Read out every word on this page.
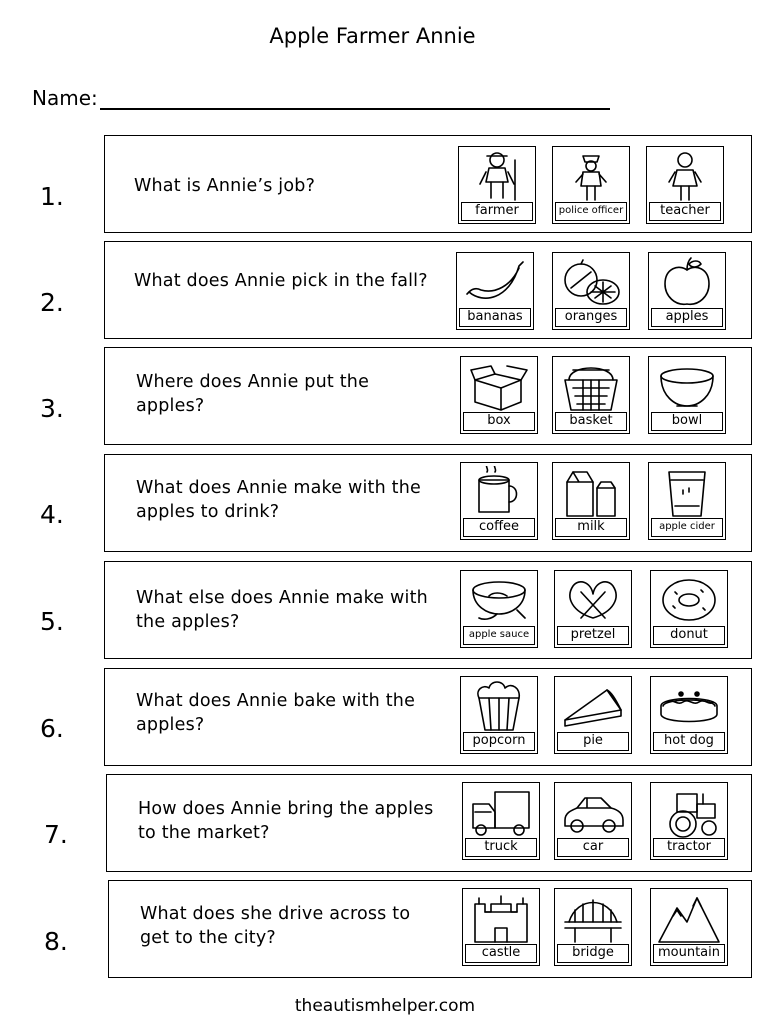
Apple Farmer Annie
Name:
1.	What is Annie’s job?
farmer	police officer	teacher
2.
What does Annie pick in the fall?
bananas	oranges	apples
3.
Where does Annie put the apples?
box	basket	bowl
4.
What does Annie make with the apples to drink?
coffee	milk	apple cider
5.
What else does Annie make with the apples?
apple sauce	pretzel	donut
6.
What does Annie bake with the apples?
popcorn	pie	hot dog
7.
How does Annie bring the apples to the market?
truck	car	tractor
8.
What does she drive across to get to the city?
castle	bridge	mountain
theautismhelper.com
